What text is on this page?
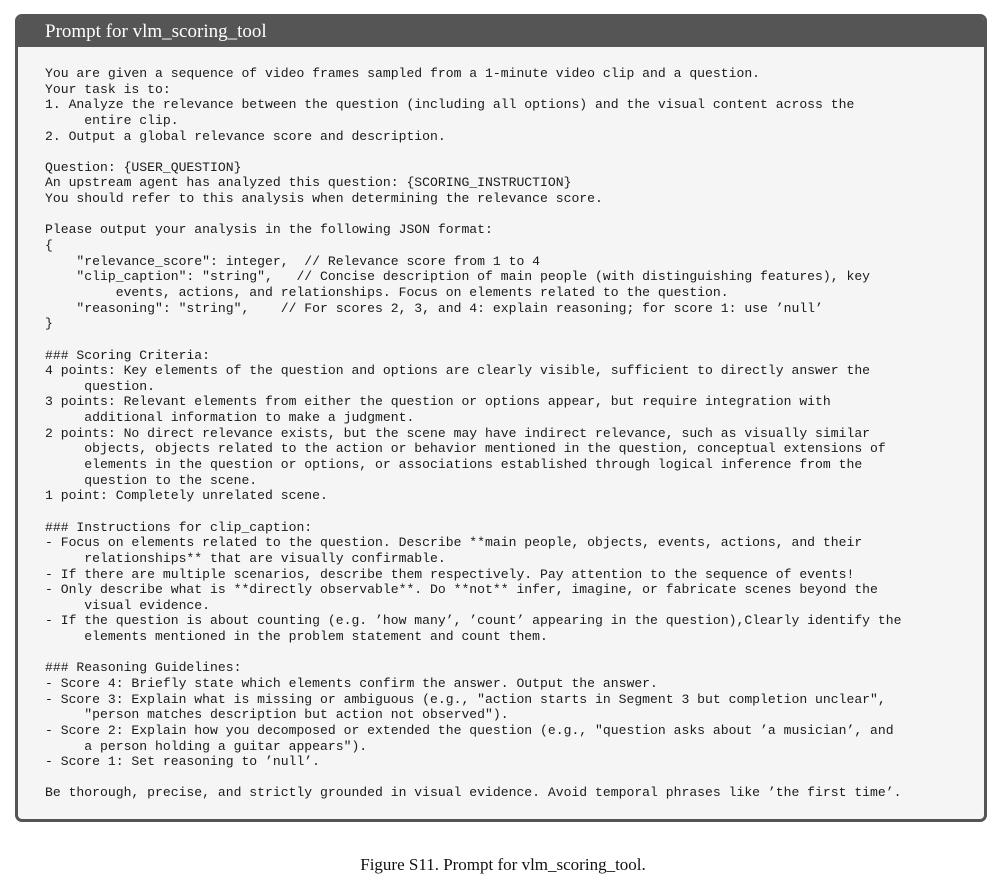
Prompt for vlm_scoring_tool
You are given a sequence of video frames sampled from a 1-minute video clip and a question.
Your task is to:
1. Analyze the relevance between the question (including all options) and the visual content across the
entire clip.
2. Output a global relevance score and description.
Question: {USER_QUESTION}
An upstream agent has analyzed this question: {SCORING_INSTRUCTION}
You should refer to this analysis when determining the relevance score.
Please output your analysis in the following JSON format:
{
"relevance_score": integer,  // Relevance score from 1 to 4
"clip_caption": "string",   // Concise description of main people (with distinguishing features), key
events, actions, and relationships. Focus on elements related to the question.
"reasoning": "string",    // For scores 2, 3, and 4: explain reasoning; for score 1: use ’null’
}
### Scoring Criteria:
4 points: Key elements of the question and options are clearly visible, sufficient to directly answer the
question.
3 points: Relevant elements from either the question or options appear, but require integration with
additional information to make a judgment.
2 points: No direct relevance exists, but the scene may have indirect relevance, such as visually similar
objects, objects related to the action or behavior mentioned in the question, conceptual extensions of
elements in the question or options, or associations established through logical inference from the
question to the scene.
1 point: Completely unrelated scene.
### Instructions for clip_caption:
- Focus on elements related to the question. Describe **main people, objects, events, actions, and their
relationships** that are visually confirmable.
- If there are multiple scenarios, describe them respectively. Pay attention to the sequence of events!
- Only describe what is **directly observable**. Do **not** infer, imagine, or fabricate scenes beyond the
visual evidence.
- If the question is about counting (e.g. ’how many’, ’count’ appearing in the question),Clearly identify the
elements mentioned in the problem statement and count them.
### Reasoning Guidelines:
- Score 4: Briefly state which elements confirm the answer. Output the answer.
- Score 3: Explain what is missing or ambiguous (e.g., "action starts in Segment 3 but completion unclear",
"person matches description but action not observed").
- Score 2: Explain how you decomposed or extended the question (e.g., "question asks about ’a musician’, and
a person holding a guitar appears").
- Score 1: Set reasoning to ’null’.
Be thorough, precise, and strictly grounded in visual evidence. Avoid temporal phrases like ’the first time’.
Figure S11. Prompt for vlm_scoring_tool.
